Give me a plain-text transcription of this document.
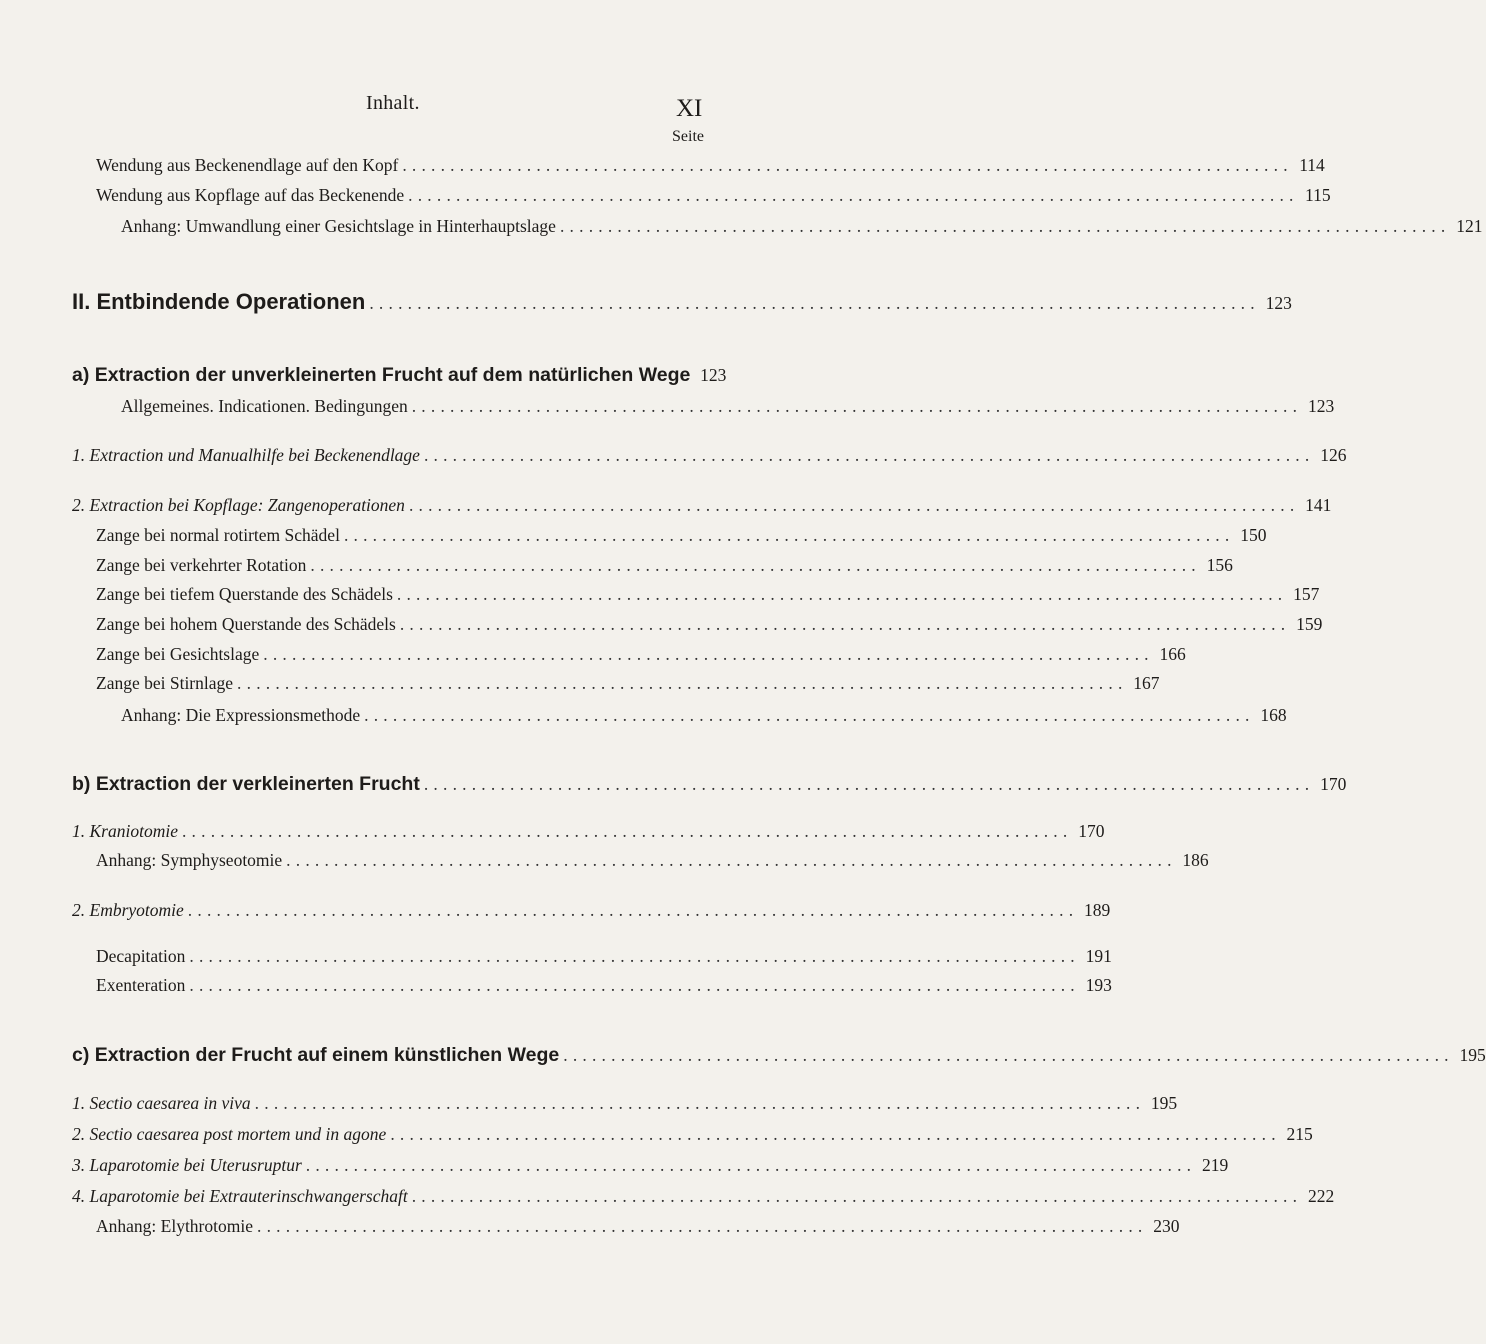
Inhalt.	XI
Seite
Wendung aus Beckenendlage auf den Kopf ............................................................................................. 114
Wendung aus Kopflage auf das Beckenende ............................................................................................. 115
Anhang: Umwandlung einer Gesichtslage in Hinterhauptslage ............................................................................................. 121
II. Entbindende Operationen ............................................................................................. 123
a) Extraction der unverkleinerten Frucht auf dem natürlichen Wege 123
Allgemeines. Indicationen. Bedingungen ............................................................................................. 123
1. Extraction und Manualhilfe bei Beckenendlage ............................................................................................. 126
2. Extraction bei Kopflage: Zangenoperationen ............................................................................................. 141
Zange bei normal rotirtem Schädel ............................................................................................. 150
Zange bei verkehrter Rotation ............................................................................................. 156
Zange bei tiefem Querstande des Schädels ............................................................................................. 157
Zange bei hohem Querstande des Schädels ............................................................................................. 159
Zange bei Gesichtslage ............................................................................................. 166
Zange bei Stirnlage ............................................................................................. 167
Anhang: Die Expressionsmethode ............................................................................................. 168
b) Extraction der verkleinerten Frucht ............................................................................................. 170
1. Kraniotomie ............................................................................................. 170
Anhang: Symphyseotomie ............................................................................................. 186
2. Embryotomie ............................................................................................. 189
Decapitation ............................................................................................. 191
Exenteration ............................................................................................. 193
c) Extraction der Frucht auf einem künstlichen Wege ............................................................................................. 195
1. Sectio caesarea in viva ............................................................................................. 195
2. Sectio caesarea post mortem und in agone ............................................................................................. 215
3. Laparotomie bei Uterusruptur ............................................................................................. 219
4. Laparotomie bei Extrauterinschwangerschaft ............................................................................................. 222
Anhang: Elythrotomie ............................................................................................. 230
